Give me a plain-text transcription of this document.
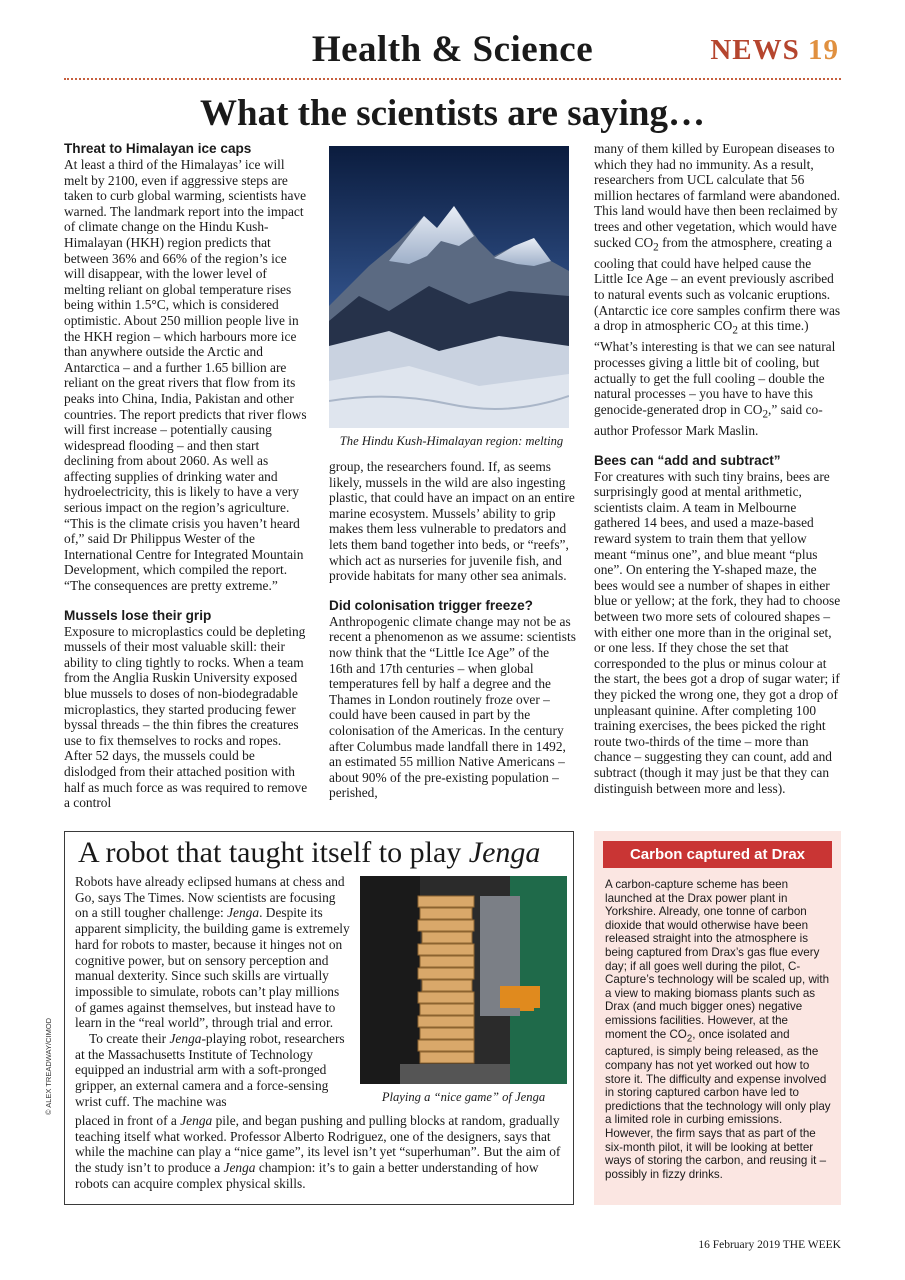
Health & Science	NEWS 19
What the scientists are saying…
Threat to Himalayan ice caps

At least a third of the Himalayas’ ice will melt by 2100, even if aggressive steps are taken to curb global warming, scientists have warned. The landmark report into the impact of climate change on the Hindu Kush-Himalayan (HKH) region predicts that between 36% and 66% of the region’s ice will disappear, with the lower level of melting reliant on global temperature rises being within 1.5°C, which is considered optimistic. About 250 million people live in the HKH region – which harbours more ice than anywhere outside the Arctic and Antarctica – and a further 1.65 billion are reliant on the great rivers that flow from its peaks into China, India, Pakistan and other countries. The report predicts that river flows will first increase – potentially causing widespread flooding – and then start declining from about 2060. As well as affecting supplies of drinking water and hydroelectricity, this is likely to have a very serious impact on the region’s agriculture. “This is the climate crisis you haven’t heard of,” said Dr Philippus Wester of the International Centre for Integrated Mountain Development, which compiled the report. “The consequences are pretty extreme.”

Mussels lose their grip

Exposure to microplastics could be depleting mussels of their most valuable skill: their ability to cling tightly to rocks. When a team from the Anglia Ruskin University exposed blue mussels to doses of non-biodegradable microplastics, they started producing fewer byssal threads – the thin fibres the creatures use to fix themselves to rocks and ropes. After 52 days, the mussels could be dislodged from their attached position with half as much force as was required to remove a control

The Hindu Kush-Himalayan region: melting

group, the researchers found. If, as seems likely, mussels in the wild are also ingesting plastic, that could have an impact on an entire marine ecosystem. Mussels’ ability to grip makes them less vulnerable to predators and lets them band together into beds, or “reefs”, which act as nurseries for juvenile fish, and provide habitats for many other sea animals.

Did colonisation trigger freeze?

Anthropogenic climate change may not be as recent a phenomenon as we assume: scientists now think that the “Little Ice Age” of the 16th and 17th centuries – when global temperatures fell by half a degree and the Thames in London routinely froze over – could have been caused in part by the colonisation of the Americas. In the century after Columbus made landfall there in 1492, an estimated 55 million Native Americans – about 90% of the pre-existing population – perished,

many of them killed by European diseases to which they had no immunity. As a result, researchers from UCL calculate that 56 million hectares of farmland were abandoned. This land would have then been reclaimed by trees and other vegetation, which would have sucked $CO_2$ from the atmosphere, creating a cooling that could have helped cause the Little Ice Age – an event previously ascribed to natural events such as volcanic eruptions. (Antarctic ice core samples confirm there was a drop in atmospheric $CO_2$ at this time.) “What’s interesting is that we can see natural processes giving a little bit of cooling, but actually to get the full cooling – double the natural processes – you have to have this genocide-generated drop in $CO_2$,” said co-author Professor Mark Maslin.

Bees can “add and subtract”

For creatures with such tiny brains, bees are surprisingly good at mental arithmetic, scientists claim. A team in Melbourne gathered 14 bees, and used a maze-based reward system to train them that yellow meant “minus one”, and blue meant “plus one”. On entering the Y-shaped maze, the bees would see a number of shapes in either blue or yellow; at the fork, they had to choose between two more sets of coloured shapes – with either one more than in the original set, or one less. If they chose the set that corresponded to the plus or minus colour at the start, the bees got a drop of sugar water; if they picked the wrong one, they got a drop of unpleasant quinine. After completing 100 training exercises, the bees picked the right route two-thirds of the time – more than chance – suggesting they can count, add and subtract (though it may just be that they can distinguish between more and less).

A robot that taught itself to play Jenga
Playing a “nice game” of Jenga

Robots have already eclipsed humans at chess and Go, says The Times. Now scientists are focusing on a still tougher challenge: Jenga. Despite its apparent simplicity, the building game is extremely hard for robots to master, because it hinges not on cognitive power, but on sensory perception and manual dexterity. Since such skills are virtually impossible to simulate, robots can’t play millions of games against themselves, but instead have to learn in the “real world”, through trial and error.

To create their Jenga-playing robot, researchers at the Massachusetts Institute of Technology equipped an industrial arm with a soft-pronged gripper, an external camera and a force-sensing wrist cuff. The machine was

placed in front of a Jenga pile, and began pushing and pulling blocks at random, gradually teaching itself what worked. Professor Alberto Rodriguez, one of the designers, says that while the machine can play a “nice game”, its level isn’t yet “superhuman”. But the aim of the study isn’t to produce a Jenga champion: it’s to gain a better understanding of how robots can acquire complex physical skills.

Carbon captured at Drax

A carbon-capture scheme has been launched at the Drax power plant in Yorkshire. Already, one tonne of carbon dioxide that would otherwise have been released straight into the atmosphere is being captured from Drax’s gas flue every day; if all goes well during the pilot, C-Capture’s technology will be scaled up, with a view to making biomass plants such as Drax (and much bigger ones) negative emissions facilities. However, at the moment the $CO_2$, once isolated and captured, is simply being released, as the company has not yet worked out how to store it. The difficulty and expense involved in storing captured carbon have led to predictions that the technology will only play a limited role in curbing emissions. However, the firm says that as part of the six-month pilot, it will be looking at better ways of storing the carbon, and reusing it – possibly in fizzy drinks.

© ALEX TREADWAY/CIMOD
16 February 2019 THE WEEK
